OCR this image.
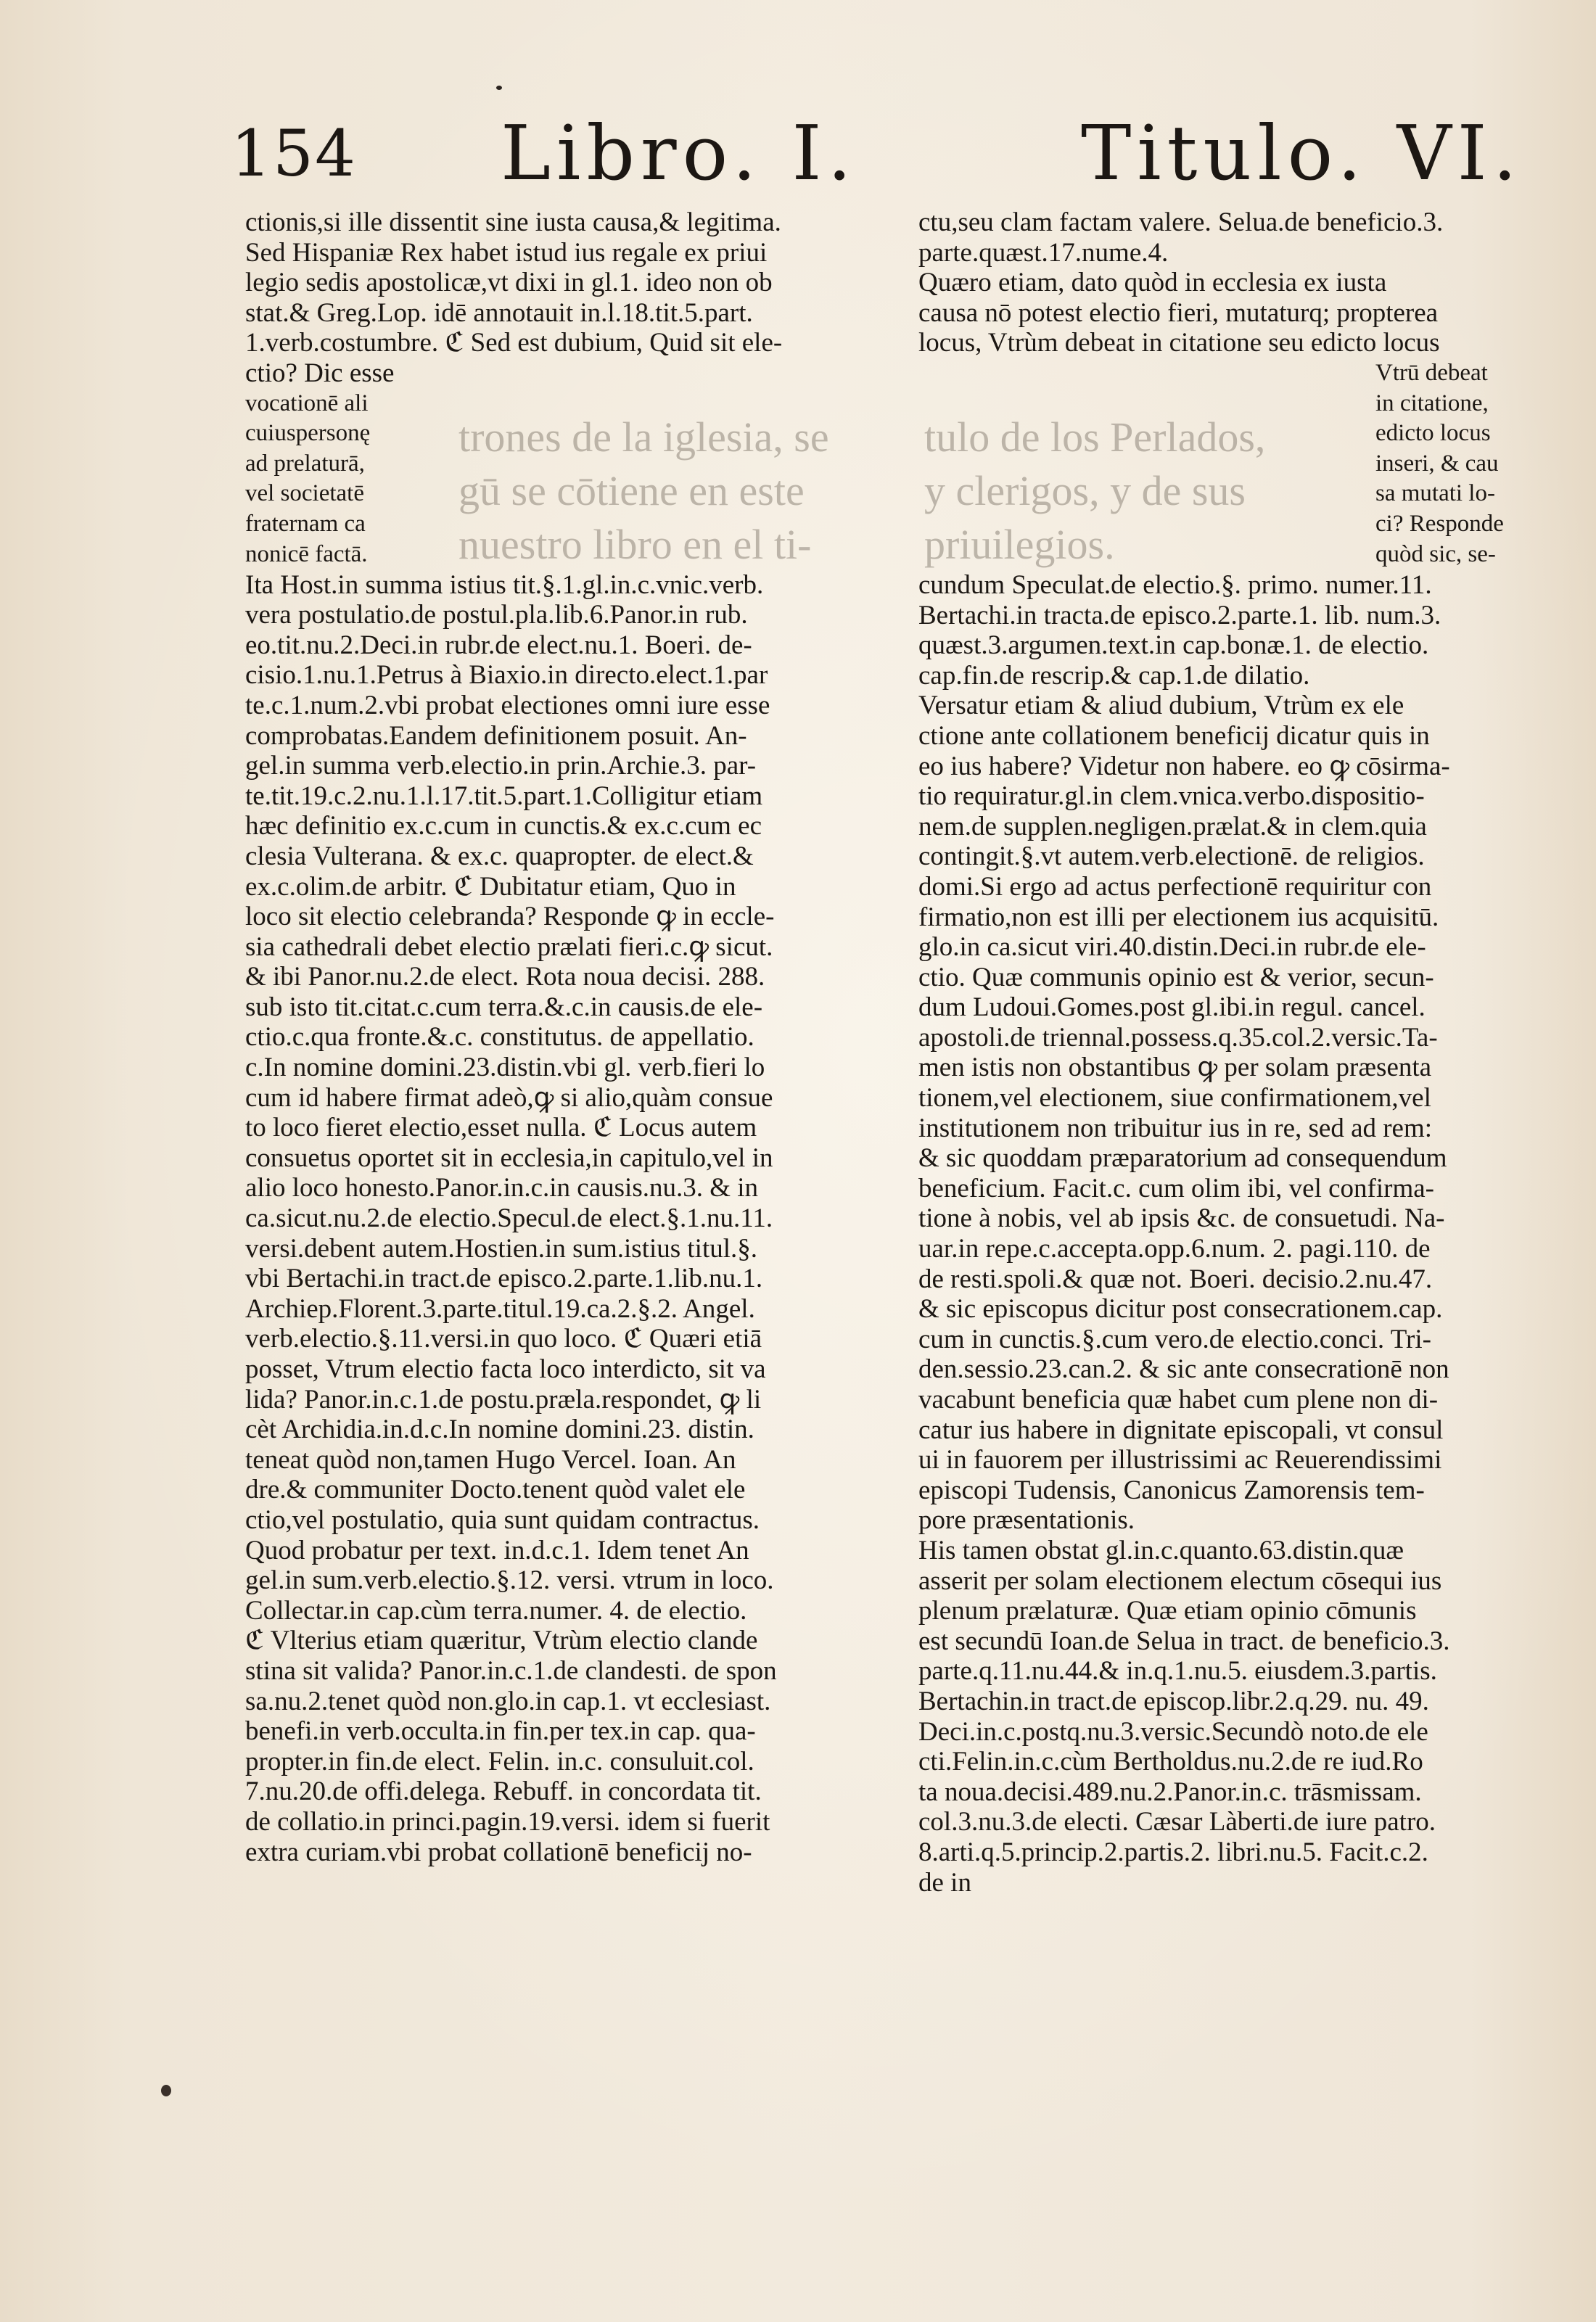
154 Libro. I.	Titulo. VI.
ctionis,si ille dissentit sine iusta causa,& legitima.
Sed Hispaniæ Rex habet istud ius regale ex priui
legio sedis apostolicæ,vt dixi in gl.1. ideo non ob
stat.& Greg.Lop. idē annotauit in.l.18.tit.5.part.
1.verb.costumbre. ℭ Sed est dubium, Quid sit ele-
ctio? Dic esse
vocationē ali
cuiuspersonę
ad prelaturā,
vel societatē
fraternam ca
nonicē factā.
Ita Host.in summa istius tit.§.1.gl.in.c.vnic.verb.
vera postulatio.de postul.pla.lib.6.Panor.in rub.
eo.tit.nu.2.Deci.in rubr.de elect.nu.1. Boeri. de-
cisio.1.nu.1.Petrus à Biaxio.in directo.elect.1.par
te.c.1.num.2.vbi probat electiones omni iure esse
comprobatas.Eandem definitionem posuit. An-
gel.in summa verb.electio.in prin.Archie.3. par-
te.tit.19.c.2.nu.1.l.17.tit.5.part.1.Colligitur etiam
hæc definitio ex.c.cum in cunctis.& ex.c.cum ec
clesia Vulterana. & ex.c. quapropter. de elect.&
ex.c.olim.de arbitr. ℭ Dubitatur etiam, Quo in
loco sit electio celebranda? Responde ꝙ in eccle-
sia cathedrali debet electio prælati fieri.c.ꝙ sicut.
& ibi Panor.nu.2.de elect. Rota noua decisi. 288.
sub isto tit.citat.c.cum terra.&.c.in causis.de ele-
ctio.c.qua fronte.&.c. constitutus. de appellatio.
c.In nomine domini.23.distin.vbi gl. verb.fieri lo
cum id habere firmat adeò,ꝙ si alio,quàm consue
to loco fieret electio,esset nulla. ℭ Locus autem
consuetus oportet sit in ecclesia,in capitulo,vel in
alio loco honesto.Panor.in.c.in causis.nu.3. & in
ca.sicut.nu.2.de electio.Specul.de elect.§.1.nu.11.
versi.debent autem.Hostien.in sum.istius titul.§.
vbi Bertachi.in tract.de episco.2.parte.1.lib.nu.1.
Archiep.Florent.3.parte.titul.19.ca.2.§.2. Angel.
verb.electio.§.11.versi.in quo loco. ℭ Quæri etiā
posset, Vtrum electio facta loco interdicto, sit va
lida? Panor.in.c.1.de postu.præla.respondet, ꝙ li
cèt Archidia.in.d.c.In nomine domini.23. distin.
teneat quòd non,tamen Hugo Vercel. Ioan. An
dre.& communiter Docto.tenent quòd valet ele
ctio,vel postulatio, quia sunt quidam contractus.
Quod probatur per text. in.d.c.1. Idem tenet An
gel.in sum.verb.electio.§.12. versi. vtrum in loco.
Collectar.in cap.cùm terra.numer. 4. de electio.
ℭ Vlterius etiam quæritur, Vtrùm electio clande
stina sit valida? Panor.in.c.1.de clandesti. de spon
sa.nu.2.tenet quòd non.glo.in cap.1. vt ecclesiast.
benefi.in verb.occulta.in fin.per tex.in cap. qua-
propter.in fin.de elect. Felin. in.c. consuluit.col.
7.nu.20.de offi.delega. Rebuff. in concordata tit.
de collatio.in princi.pagin.19.versi. idem si fuerit
extra curiam.vbi probat collationē beneficij no-
ctu,seu clam factam valere. Selua.de beneficio.3.
parte.quæst.17.nume.4.
Quæro etiam, dato quòd in ecclesia ex iusta
causa nō potest electio fieri, mutaturq; propterea
locus, Vtrùm debeat in citatione seu edicto locus
Vtrū debeat
in citatione,
edicto locus
inseri, & cau
sa mutati lo-
ci? Responde
quòd sic, se-
cundum Speculat.de electio.§. primo. numer.11.
Bertachi.in tracta.de episco.2.parte.1. lib. num.3.
quæst.3.argumen.text.in cap.bonæ.1. de electio.
cap.fin.de rescrip.& cap.1.de dilatio.
Versatur etiam & aliud dubium, Vtrùm ex ele
ctione ante collationem beneficij dicatur quis in
eo ius habere? Videtur non habere. eo ꝙ cōsirma-
tio requiratur.gl.in clem.vnica.verbo.dispositio-
nem.de supplen.negligen.prælat.& in clem.quia
contingit.§.vt autem.verb.electionē. de religios.
domi.Si ergo ad actus perfectionē requiritur con
firmatio,non est illi per electionem ius acquisitū.
glo.in ca.sicut viri.40.distin.Deci.in rubr.de ele-
ctio. Quæ communis opinio est & verior, secun-
dum Ludoui.Gomes.post gl.ibi.in regul. cancel.
apostoli.de triennal.possess.q.35.col.2.versic.Ta-
men istis non obstantibus ꝙ per solam præsenta
tionem,vel electionem, siue confirmationem,vel
institutionem non tribuitur ius in re, sed ad rem:
& sic quoddam præparatorium ad consequendum
beneficium. Facit.c. cum olim ibi, vel confirma-
tione à nobis, vel ab ipsis &c. de consuetudi. Na-
uar.in repe.c.accepta.opp.6.num. 2. pagi.110. de
de resti.spoli.& quæ not. Boeri. decisio.2.nu.47.
& sic episcopus dicitur post consecrationem.cap.
cum in cunctis.§.cum vero.de electio.conci. Tri-
den.sessio.23.can.2. & sic ante consecrationē non
vacabunt beneficia quæ habet cum plene non di-
catur ius habere in dignitate episcopali, vt consul
ui in fauorem per illustrissimi ac Reuerendissimi
episcopi Tudensis, Canonicus Zamorensis tem-
pore præsentationis.
His tamen obstat gl.in.c.quanto.63.distin.quæ
asserit per solam electionem electum cōsequi ius
plenum prælaturæ. Quæ etiam opinio cōmunis
est secundū Ioan.de Selua in tract. de beneficio.3.
parte.q.11.nu.44.& in.q.1.nu.5. eiusdem.3.partis.
Bertachin.in tract.de episcop.libr.2.q.29. nu. 49.
Deci.in.c.postq.nu.3.versic.Secundò noto.de ele
cti.Felin.in.c.cùm Bertholdus.nu.2.de re iud.Ro
ta noua.decisi.489.nu.2.Panor.in.c. trāsmissam.
col.3.nu.3.de electi. Cæsar Làberti.de iure patro.
8.arti.q.5.princip.2.partis.2. libri.nu.5. Facit.c.2.
de in
trones de la iglesia, se
gū se cōtiene en este
nuestro libro en el ti-
tulo de los Perlados,
y clerigos, y de sus
priuilegios.
